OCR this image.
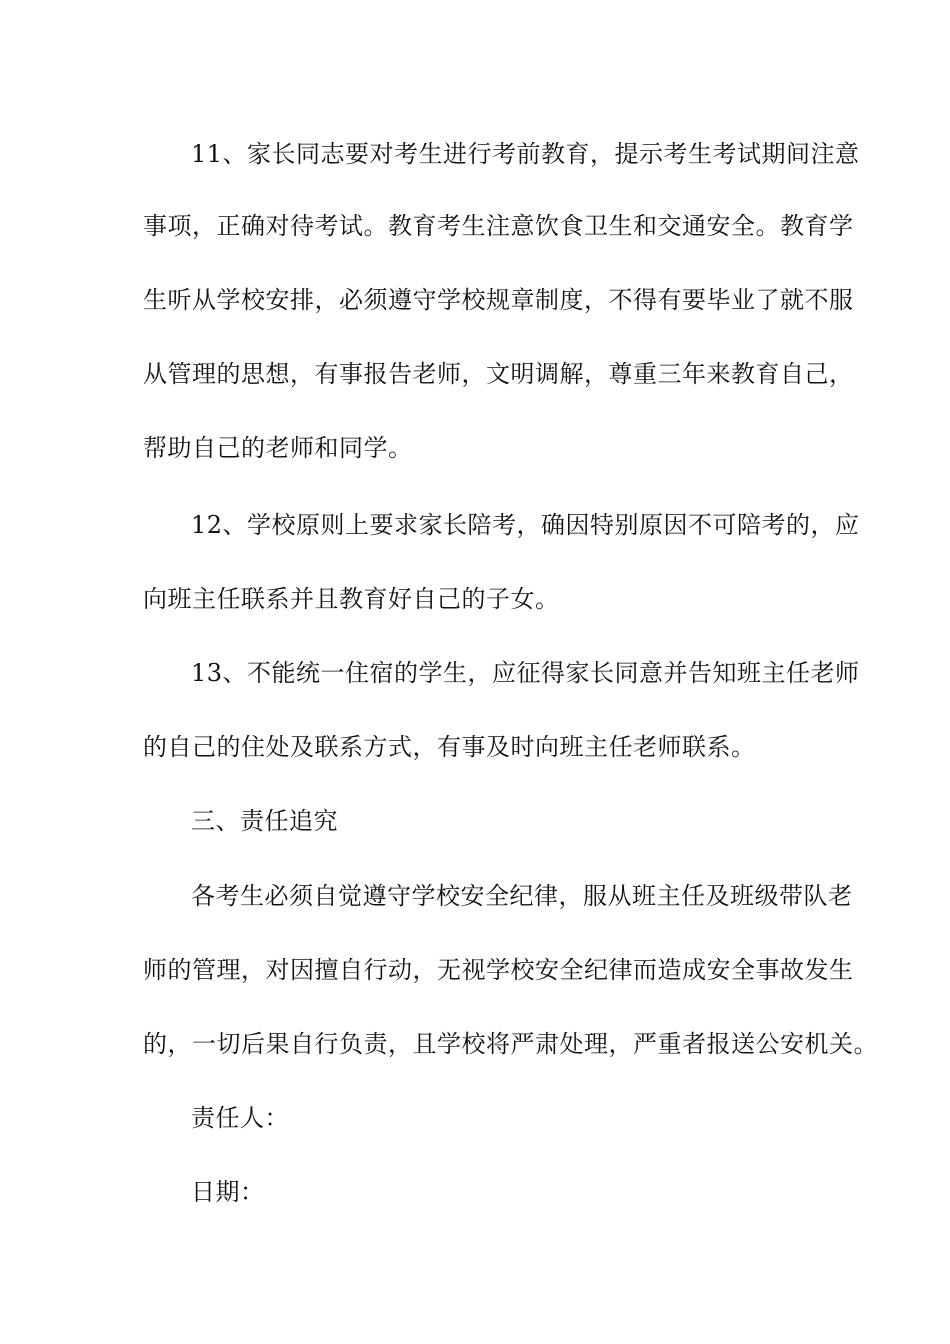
11、家长同志要对考生进行考前教育，提示考生考试期间注意
事项，正确对待考试。教育考生注意饮食卫生和交通安全。教育学
生听从学校安排，必须遵守学校规章制度，不得有要毕业了就不服
从管理的思想，有事报告老师，文明调解，尊重三年来教育自己，
帮助自己的老师和同学。
12、学校原则上要求家长陪考，确因特别原因不可陪考的，应
向班主任联系并且教育好自己的子女。
13、不能统一住宿的学生，应征得家长同意并告知班主任老师
的自己的住处及联系方式，有事及时向班主任老师联系。
三、责任追究
各考生必须自觉遵守学校安全纪律，服从班主任及班级带队老
师的管理，对因擅自行动，无视学校安全纪律而造成安全事故发生
的，一切后果自行负责，且学校将严肃处理，严重者报送公安机关。
责任人：
日期：
